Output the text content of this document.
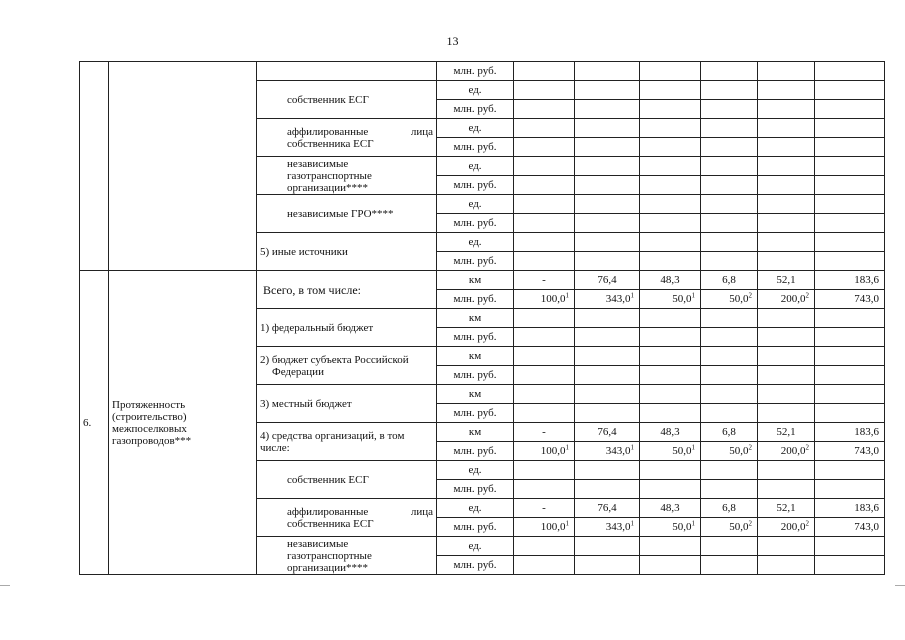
13
			млн. руб.						
		собственник ЕСГ	ед.						
			млн. руб.						

		аффилированные лица
собственника ЕСГ	ед.						
			млн. руб.						

		независимые газотранспортные
организации****	ед.						
			млн. руб.						
		независимые ГРО****	ед.						
			млн. руб.						
		5) иные источники	ед.						
			млн. руб.						
6.	Протяженность
(строительство)
межпоселковых
газопроводов***	Всего, в том числе:	км	-	76,4	48,3	6,8	52,1	183,6
			млн. руб.	100,0$^1$	343,0$^1$	50,0$^1$	50,0$^2$	200,0$^2$	743,0
		1) федеральный бюджет	км						
			млн. руб.						

		2) бюджет субъекта Российской
Федерации	км						
			млн. руб.						
		3) местный бюджет	км						
			млн. руб.						
		4) средства организаций, в том числе:	км	-	76,4	48,3	6,8	52,1	183,6
			млн. руб.	100,0$^1$	343,0$^1$	50,0$^1$	50,0$^2$	200,0$^2$	743,0
		собственник ЕСГ	ед.						
			млн. руб.						

		аффилированные лица
собственника ЕСГ	ед.	-	76,4	48,3	6,8	52,1	183,6
			млн. руб.	100,0$^1$	343,0$^1$	50,0$^1$	50,0$^2$	200,0$^2$	743,0

		независимые газотранспортные
организации****	ед.						
			млн. руб.						
